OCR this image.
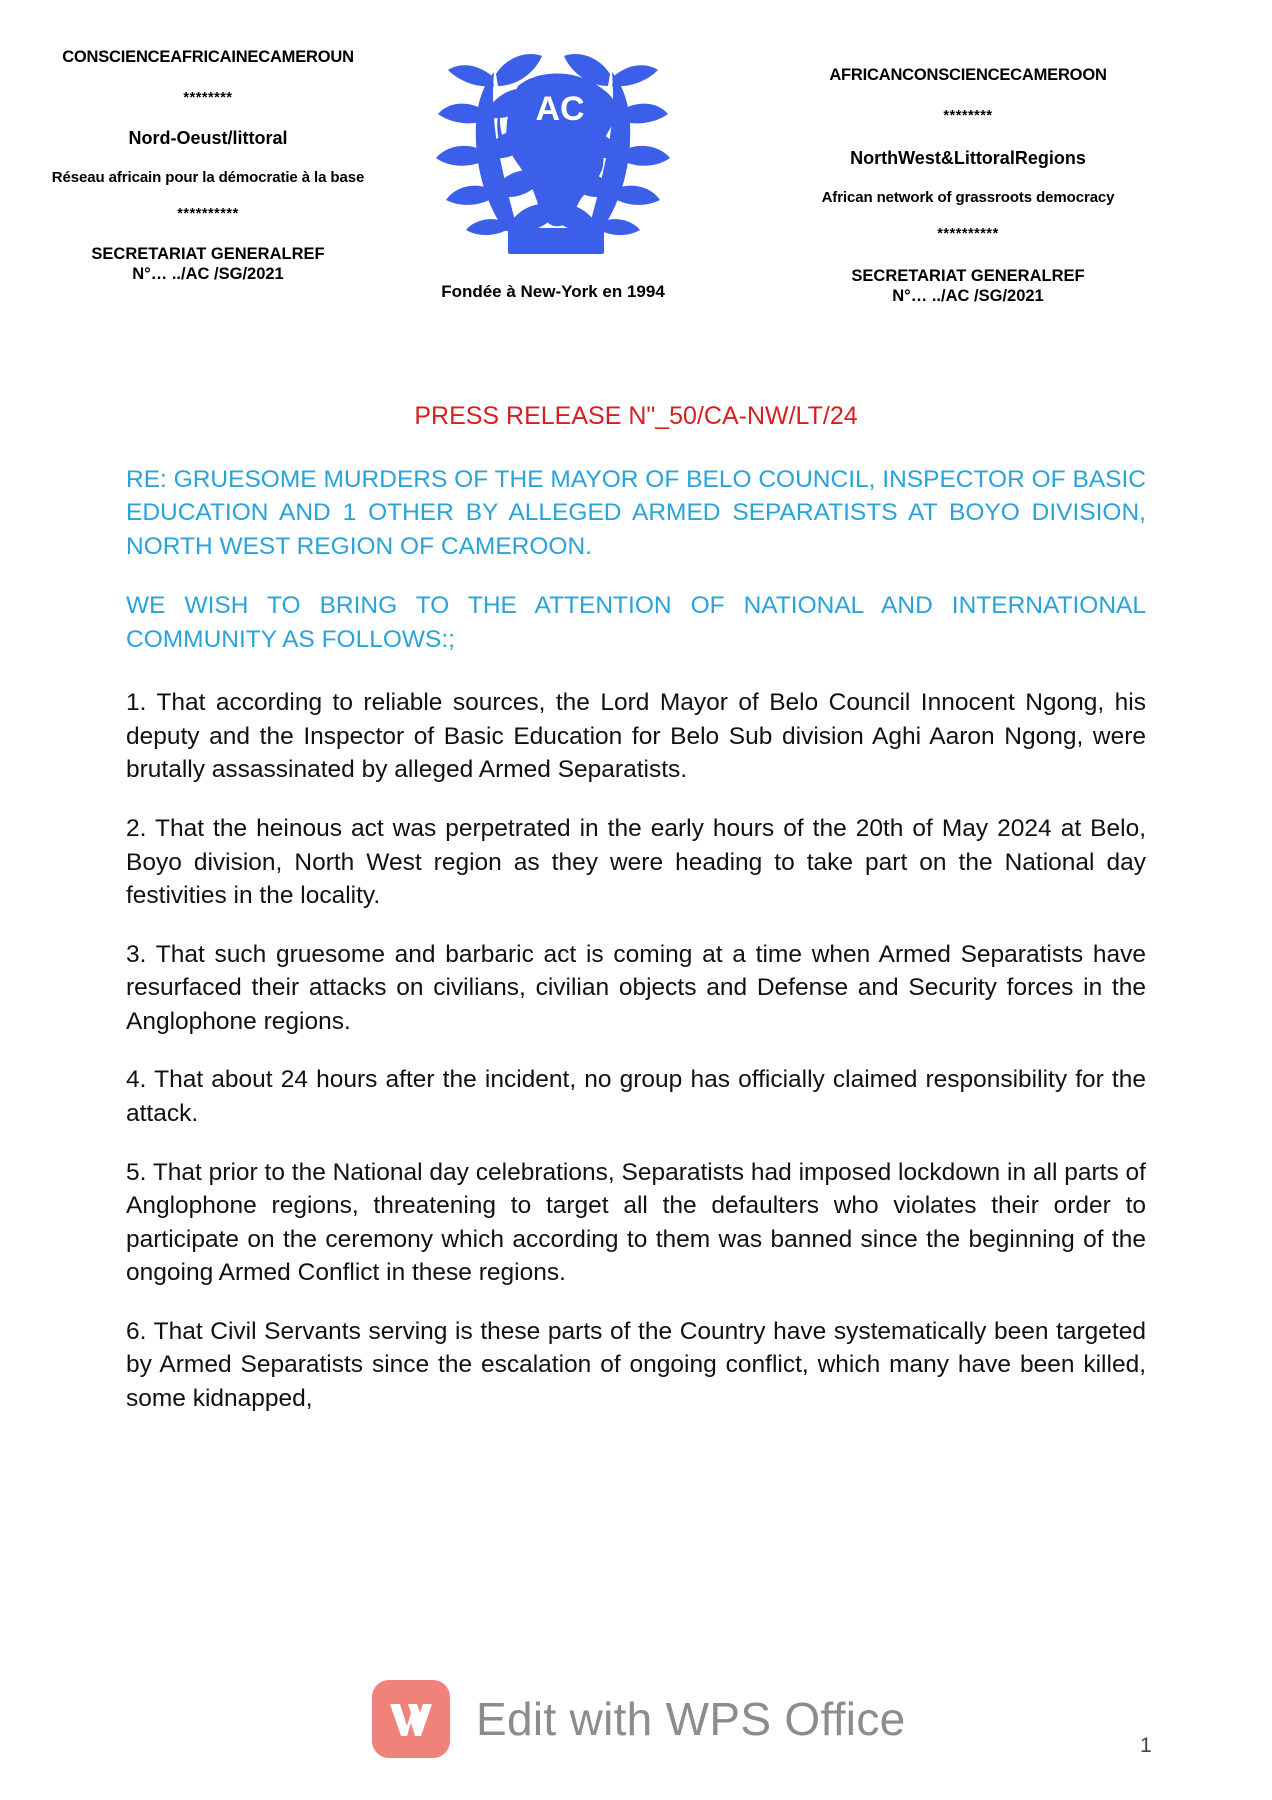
CONSCIENCEAFRICAINECAMEROUN
********
Nord-Oeust/littoral
Réseau africain pour la démocratie à la base
**********
SECRETARIAT GENERALREF
N°… ../AC /SG/2021
AC
Fondée à New-York en 1994
AFRICANCONSCIENCECAMEROON
********
NorthWest&LittoralRegions
African network of grassroots democracy
**********
SECRETARIAT GENERALREF
N°… ../AC /SG/2021
PRESS RELEASE N"_50/CA-NW/LT/24
RE: GRUESOME MURDERS OF THE MAYOR OF BELO COUNCIL, INSPECTOR OF BASIC EDUCATION AND 1 OTHER BY ALLEGED ARMED SEPARATISTS AT BOYO DIVISION, NORTH WEST REGION OF CAMEROON.
WE WISH TO BRING TO THE ATTENTION OF NATIONAL AND INTERNATIONAL COMMUNITY AS FOLLOWS:;
1. That according to reliable sources, the Lord Mayor of Belo Council Innocent Ngong, his deputy and the Inspector of Basic Education for Belo Sub division Aghi Aaron Ngong, were brutally assassinated by alleged Armed Separatists.
2. That the heinous act was perpetrated in the early hours of the 20th of May 2024 at Belo, Boyo division, North West region as they were heading to take part on the National day festivities in the locality.
3. That such gruesome and barbaric act is coming at a time when Armed Separatists have resurfaced their attacks on civilians, civilian objects and Defense and Security forces in the Anglophone regions.
4. That about 24 hours after the incident, no group has officially claimed responsibility for the attack.
5. That prior to the National day celebrations, Separatists had imposed lockdown in all parts of Anglophone regions, threatening to target all the defaulters who violates their order to participate on the ceremony which according to them was banned since the beginning of the ongoing Armed Conflict in these regions.
6. That Civil Servants serving is these parts of the Country have systematically been targeted by Armed Separatists since the escalation of ongoing conflict, which many have been killed, some kidnapped,
Edit with WPS Office
1
